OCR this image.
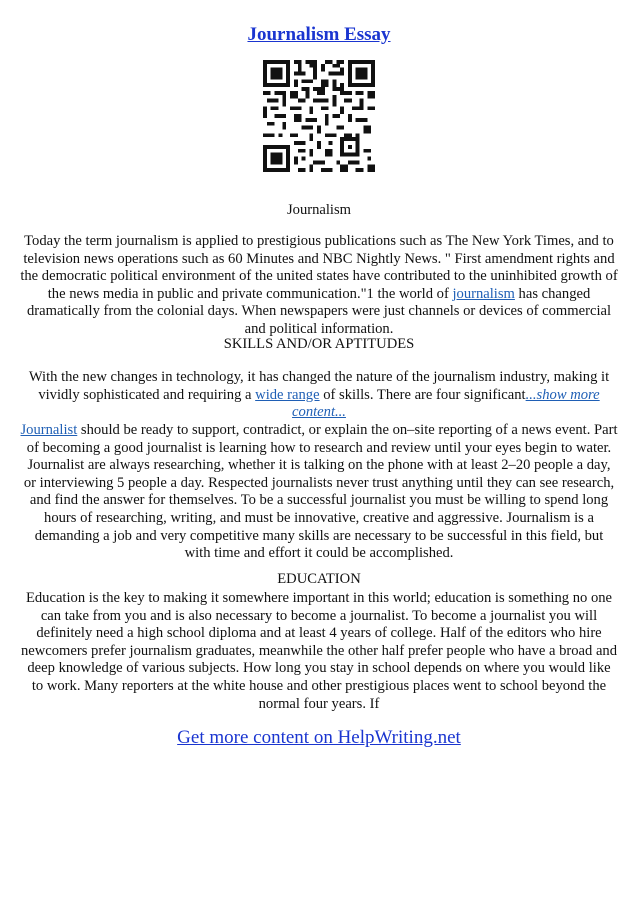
Journalism Essay

Journalism

Today the term journalism is applied to prestigious publications such as The New York Times, and to television news operations such as 60 Minutes and NBC Nightly News. " First amendment rights and the democratic political environment of the united states have contributed to the uninhibited growth of the news media in public and private communication."1 the world of journalism has changed dramatically from the colonial days. When newspapers were just channels or devices of commercial and political information.

SKILLS AND/OR APTITUDES

With the new changes in technology, it has changed the nature of the journalism industry, making it vividly sophisticated and requiring a wide range of skills. There are four significant...show more content...

Journalist should be ready to support, contradict, or explain the on–site reporting of a news event. Part of becoming a good journalist is learning how to research and review until your eyes begin to water. Journalist are always researching, whether it is talking on the phone with at least 2–20 people a day, or interviewing 5 people a day. Respected journalists never trust anything until they can see research, and find the answer for themselves. To be a successful journalist you must be willing to spend long hours of researching, writing, and must be innovative, creative and aggressive. Journalism is a demanding a job and very competitive many skills are necessary to be successful in this field, but with time and effort it could be accomplished.

EDUCATION

Education is the key to making it somewhere important in this world; education is something no one can take from you and is also necessary to become a journalist. To become a journalist you will definitely need a high school diploma and at least 4 years of college. Half of the editors who hire newcomers prefer journalism graduates, meanwhile the other half prefer people who have a broad and deep knowledge of various subjects. How long you stay in school depends on where you would like to work. Many reporters at the white house and other prestigious places went to school beyond the normal four years. If

Get more content on HelpWriting.net
